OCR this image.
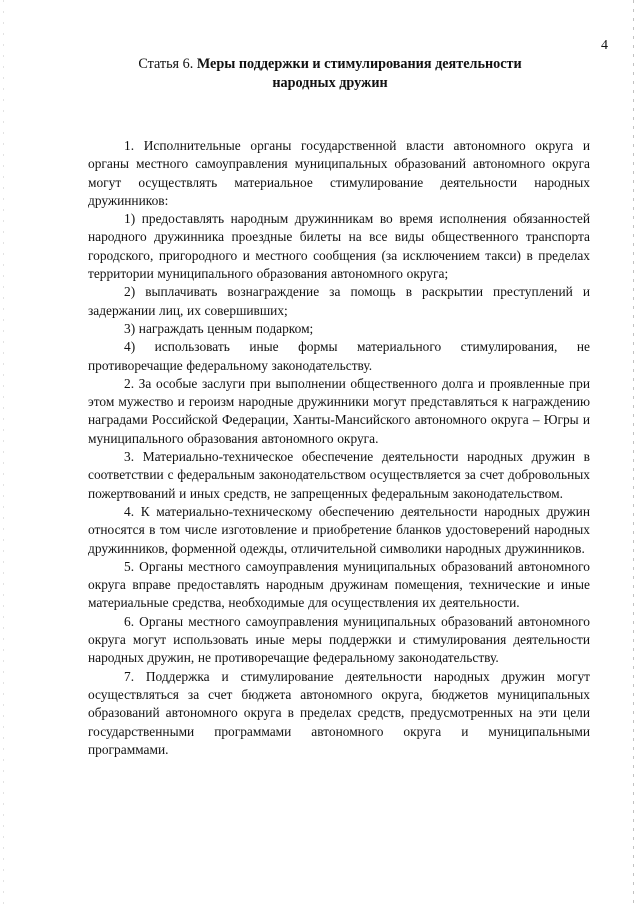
4
Статья 6. Меры поддержки и стимулирования деятельности народных дружин

1. Исполнительные органы государственной власти автономного округа и органы местного самоуправления муниципальных образований автономного округа могут осуществлять материальное стимулирование деятельности народных дружинников:

1) предоставлять народным дружинникам во время исполнения обязанностей народного дружинника проездные билеты на все виды общественного транспорта городского, пригородного и местного сообщения (за исключением такси) в пределах территории муниципального образования автономного округа;

2) выплачивать вознаграждение за помощь в раскрытии преступлений и задержании лиц, их совершивших;

3) награждать ценным подарком;

4) использовать иные формы материального стимулирования, не противоречащие федеральному законодательству.

2. За особые заслуги при выполнении общественного долга и проявленные при этом мужество и героизм народные дружинники могут представляться к награждению наградами Российской Федерации, Ханты-Мансийского автономного округа – Югры и муниципального образования автономного округа.

3. Материально-техническое обеспечение деятельности народных дружин в соответствии с федеральным законодательством осуществляется за счет добровольных пожертвований и иных средств, не запрещенных федеральным законодательством.

4. К материально-техническому обеспечению деятельности народных дружин относятся в том числе изготовление и приобретение бланков удостоверений народных дружинников, форменной одежды, отличительной символики народных дружинников.

5. Органы местного самоуправления муниципальных образований автономного округа вправе предоставлять народным дружинам помещения, технические и иные материальные средства, необходимые для осуществления их деятельности.

6. Органы местного самоуправления муниципальных образований автономного округа могут использовать иные меры поддержки и стимулирования деятельности народных дружин, не противоречащие федеральному законодательству.

7. Поддержка и стимулирование деятельности народных дружин могут осуществляться за счет бюджета автономного округа, бюджетов муниципальных образований автономного округа в пределах средств, предусмотренных на эти цели государственными программами автономного округа и муниципальными программами.
